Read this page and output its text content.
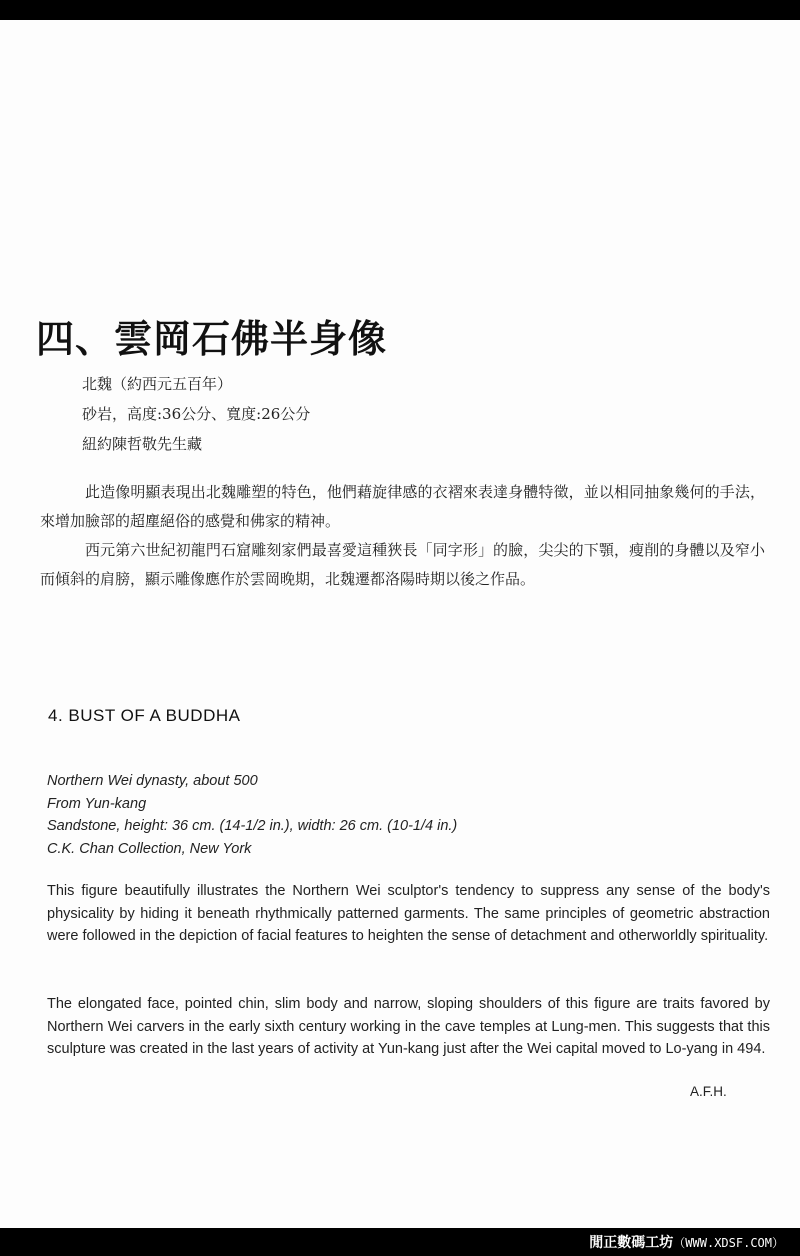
四、雲岡石佛半身像
北魏（約西元五百年）
砂岩，高度:36公分、寬度:26公分
紐約陳哲敬先生藏

此造像明顯表現出北魏雕塑的特色，他們藉旋律感的衣褶來表達身體特徵，並以相同抽象幾何的手法，來增加臉部的超塵絕俗的感覺和佛家的精神。

西元第六世紀初龍門石窟雕刻家們最喜愛這種狹長「同字形」的臉，尖尖的下顎，瘦削的身體以及窄小而傾斜的肩膀，顯示雕像應作於雲岡晚期，北魏遷都洛陽時期以後之作品。

4. BUST OF A BUDDHA
Northern Wei dynasty, about 500
From Yun-kang
Sandstone, height: 36 cm. (14-1/2 in.), width: 26 cm. (10-1/4 in.)
C.K. Chan Collection, New York

This figure beautifully illustrates the Northern Wei sculptor's tendency to suppress any sense of the body's physicality by hiding it beneath rhythmically patterned garments. The same principles of geometric abstraction were followed in the depiction of facial features to heighten the sense of detachment and otherworldly spirituality.

The elongated face, pointed chin, slim body and narrow, sloping shoulders of this figure are traits favored by Northern Wei carvers in the early sixth century working in the cave temples at Lung-men. This suggests that this sculpture was created in the last years of activity at Yun-kang just after the Wei capital moved to Lo-yang in 494.

A.F.H.
閒正數碼工坊（WWW.XDSF.COM）
